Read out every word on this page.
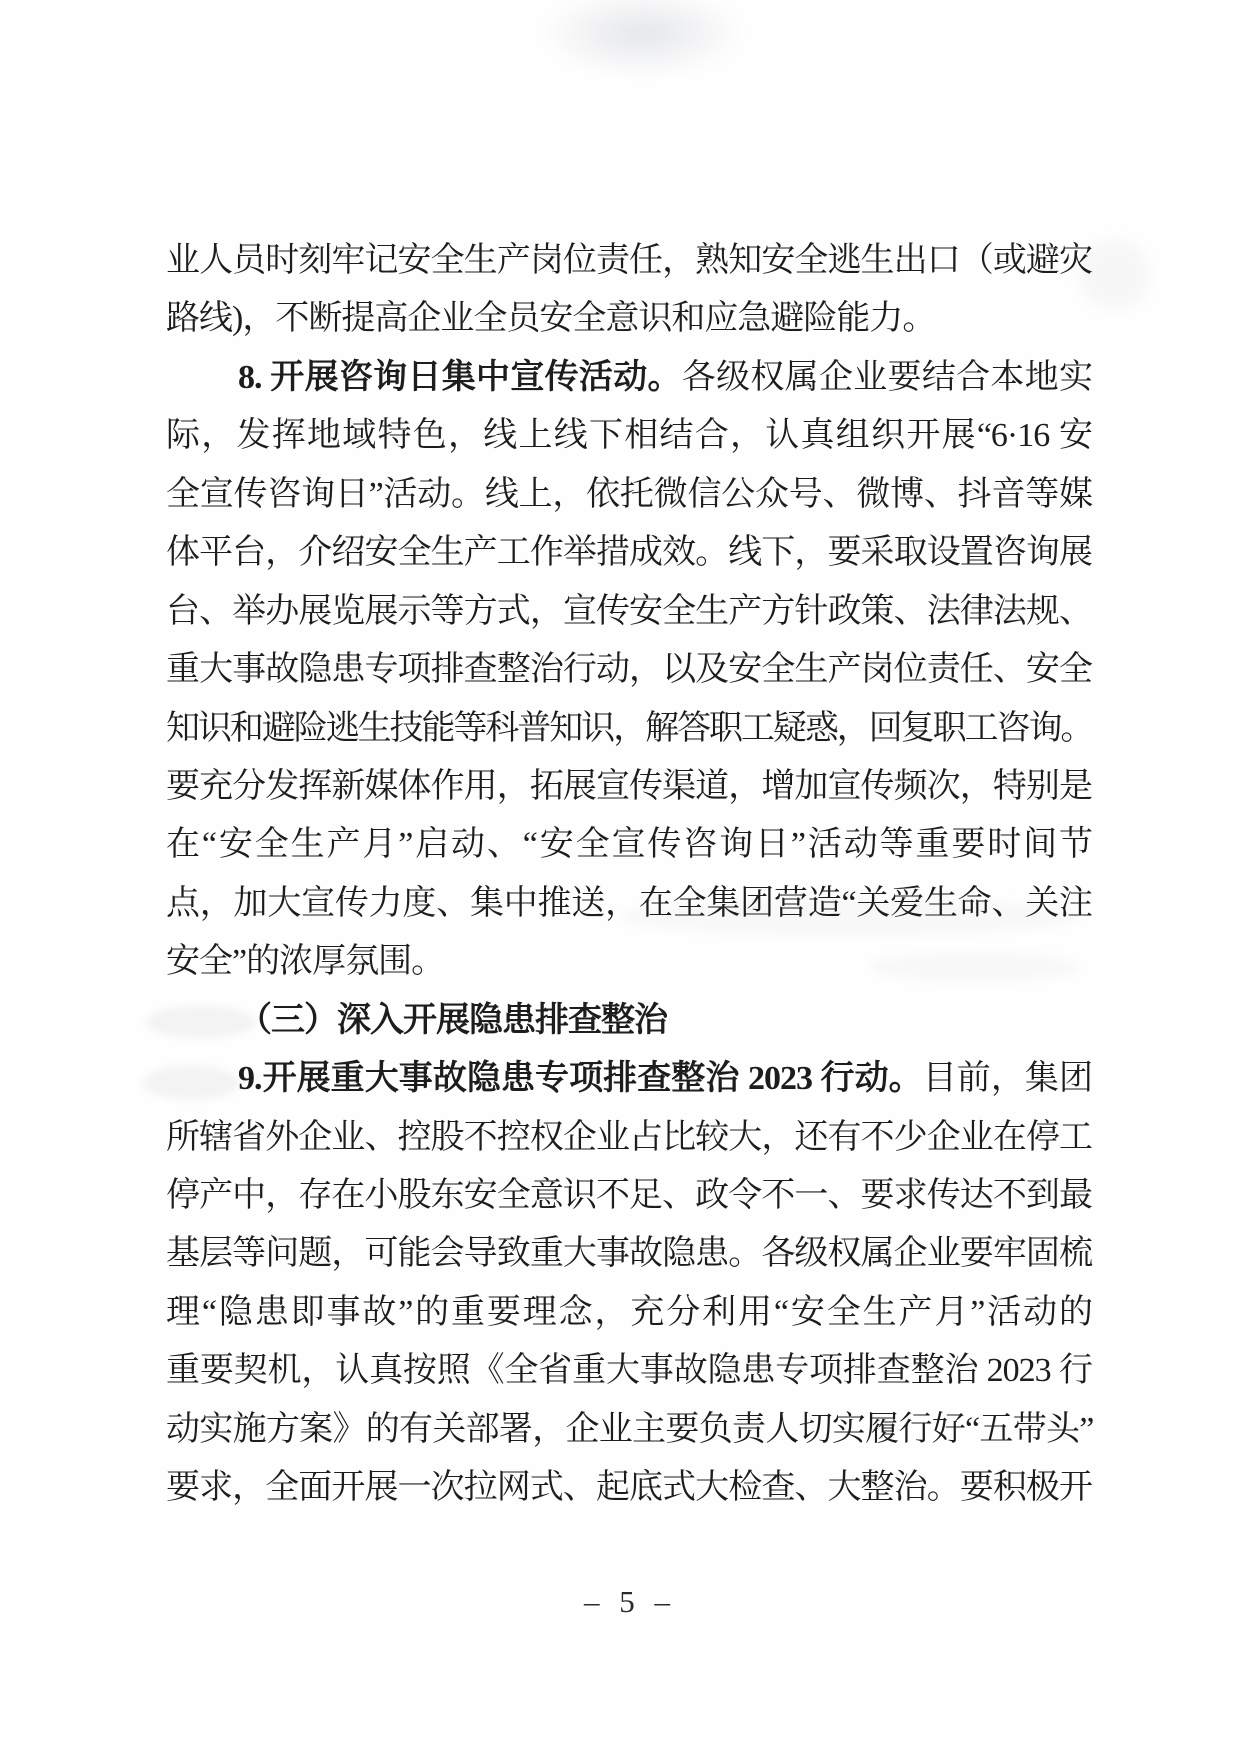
业人员时刻牢记安全生产岗位责任，熟知安全逃生出口（或避灾

路线)，不断提高企业全员安全意识和应急避险能力。

8. 开展咨询日集中宣传活动。各级权属企业要结合本地实

际，发挥地域特色，线上线下相结合，认真组织开展“6·16 安

全宣传咨询日”活动。线上，依托微信公众号、微博、抖音等媒

体平台，介绍安全生产工作举措成效。线下，要采取设置咨询展

台、举办展览展示等方式，宣传安全生产方针政策、法律法规、

重大事故隐患专项排查整治行动，以及安全生产岗位责任、安全

知识和避险逃生技能等科普知识，解答职工疑惑，回复职工咨询。

要充分发挥新媒体作用，拓展宣传渠道，增加宣传频次，特别是

在“安全生产月”启动、“安全宣传咨询日”活动等重要时间节

点，加大宣传力度、集中推送，在全集团营造“关爱生命、关注

安全”的浓厚氛围。

（三）深入开展隐患排查整治

9.开展重大事故隐患专项排查整治 2023 行动。目前，集团

所辖省外企业、控股不控权企业占比较大，还有不少企业在停工

停产中，存在小股东安全意识不足、政令不一、要求传达不到最

基层等问题，可能会导致重大事故隐患。各级权属企业要牢固梳

理“隐患即事故”的重要理念，充分利用“安全生产月”活动的

重要契机，认真按照《全省重大事故隐患专项排查整治 2023 行

动实施方案》的有关部署，企业主要负责人切实履行好“五带头”

要求，全面开展一次拉网式、起底式大检查、大整治。要积极开

– 5 –
